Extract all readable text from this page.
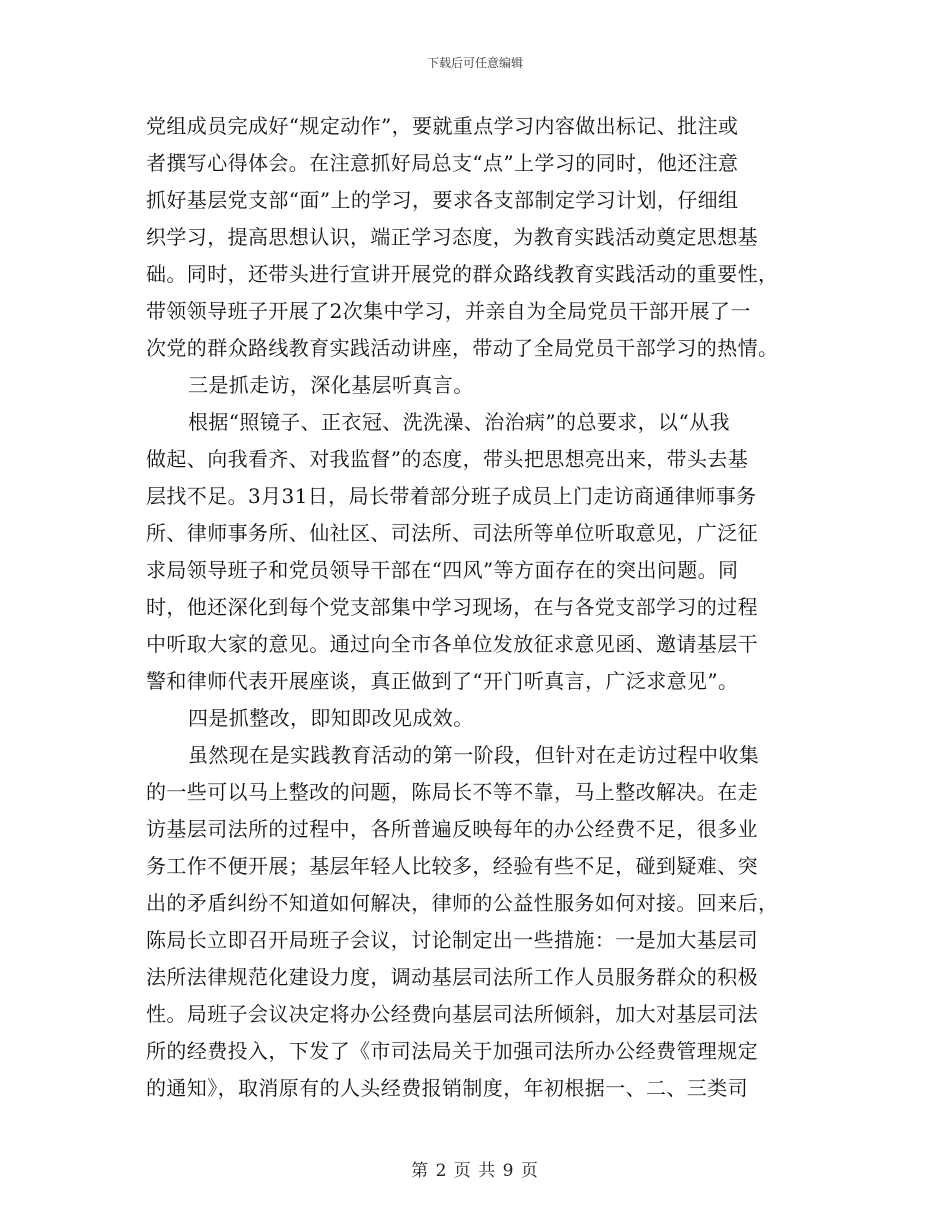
下载后可任意编辑
党组成员完成好“规定动作”，要就重点学习内容做出标记、批注或
者撰写心得体会。在注意抓好局总支“点”上学习的同时，他还注意
抓好基层党支部“面”上的学习，要求各支部制定学习计划，仔细组
织学习，提高思想认识，端正学习态度，为教育实践活动奠定思想基
础。同时，还带头进行宣讲开展党的群众路线教育实践活动的重要性，
带领领导班子开展了2次集中学习，并亲自为全局党员干部开展了一
次党的群众路线教育实践活动讲座，带动了全局党员干部学习的热情。
三是抓走访，深化基层听真言。
根据“照镜子、正衣冠、洗洗澡、治治病”的总要求，以“从我
做起、向我看齐、对我监督”的态度，带头把思想亮出来，带头去基
层找不足。3月31日，局长带着部分班子成员上门走访商通律师事务
所、律师事务所、仙社区、司法所、司法所等单位听取意见，广泛征
求局领导班子和党员领导干部在“四风”等方面存在的突出问题。同
时，他还深化到每个党支部集中学习现场，在与各党支部学习的过程
中听取大家的意见。通过向全市各单位发放征求意见函、邀请基层干
警和律师代表开展座谈，真正做到了“开门听真言，广泛求意见”。
四是抓整改，即知即改见成效。
虽然现在是实践教育活动的第一阶段，但针对在走访过程中收集
的一些可以马上整改的问题，陈局长不等不靠，马上整改解决。在走
访基层司法所的过程中，各所普遍反映每年的办公经费不足，很多业
务工作不便开展；基层年轻人比较多，经验有些不足，碰到疑难、突
出的矛盾纠纷不知道如何解决，律师的公益性服务如何对接。回来后，
陈局长立即召开局班子会议，讨论制定出一些措施：一是加大基层司
法所法律规范化建设力度，调动基层司法所工作人员服务群众的积极
性。局班子会议决定将办公经费向基层司法所倾斜，加大对基层司法
所的经费投入，下发了《市司法局关于加强司法所办公经费管理规定
的通知》，取消原有的人头经费报销制度，年初根据一、二、三类司
第 2 页 共 9 页
